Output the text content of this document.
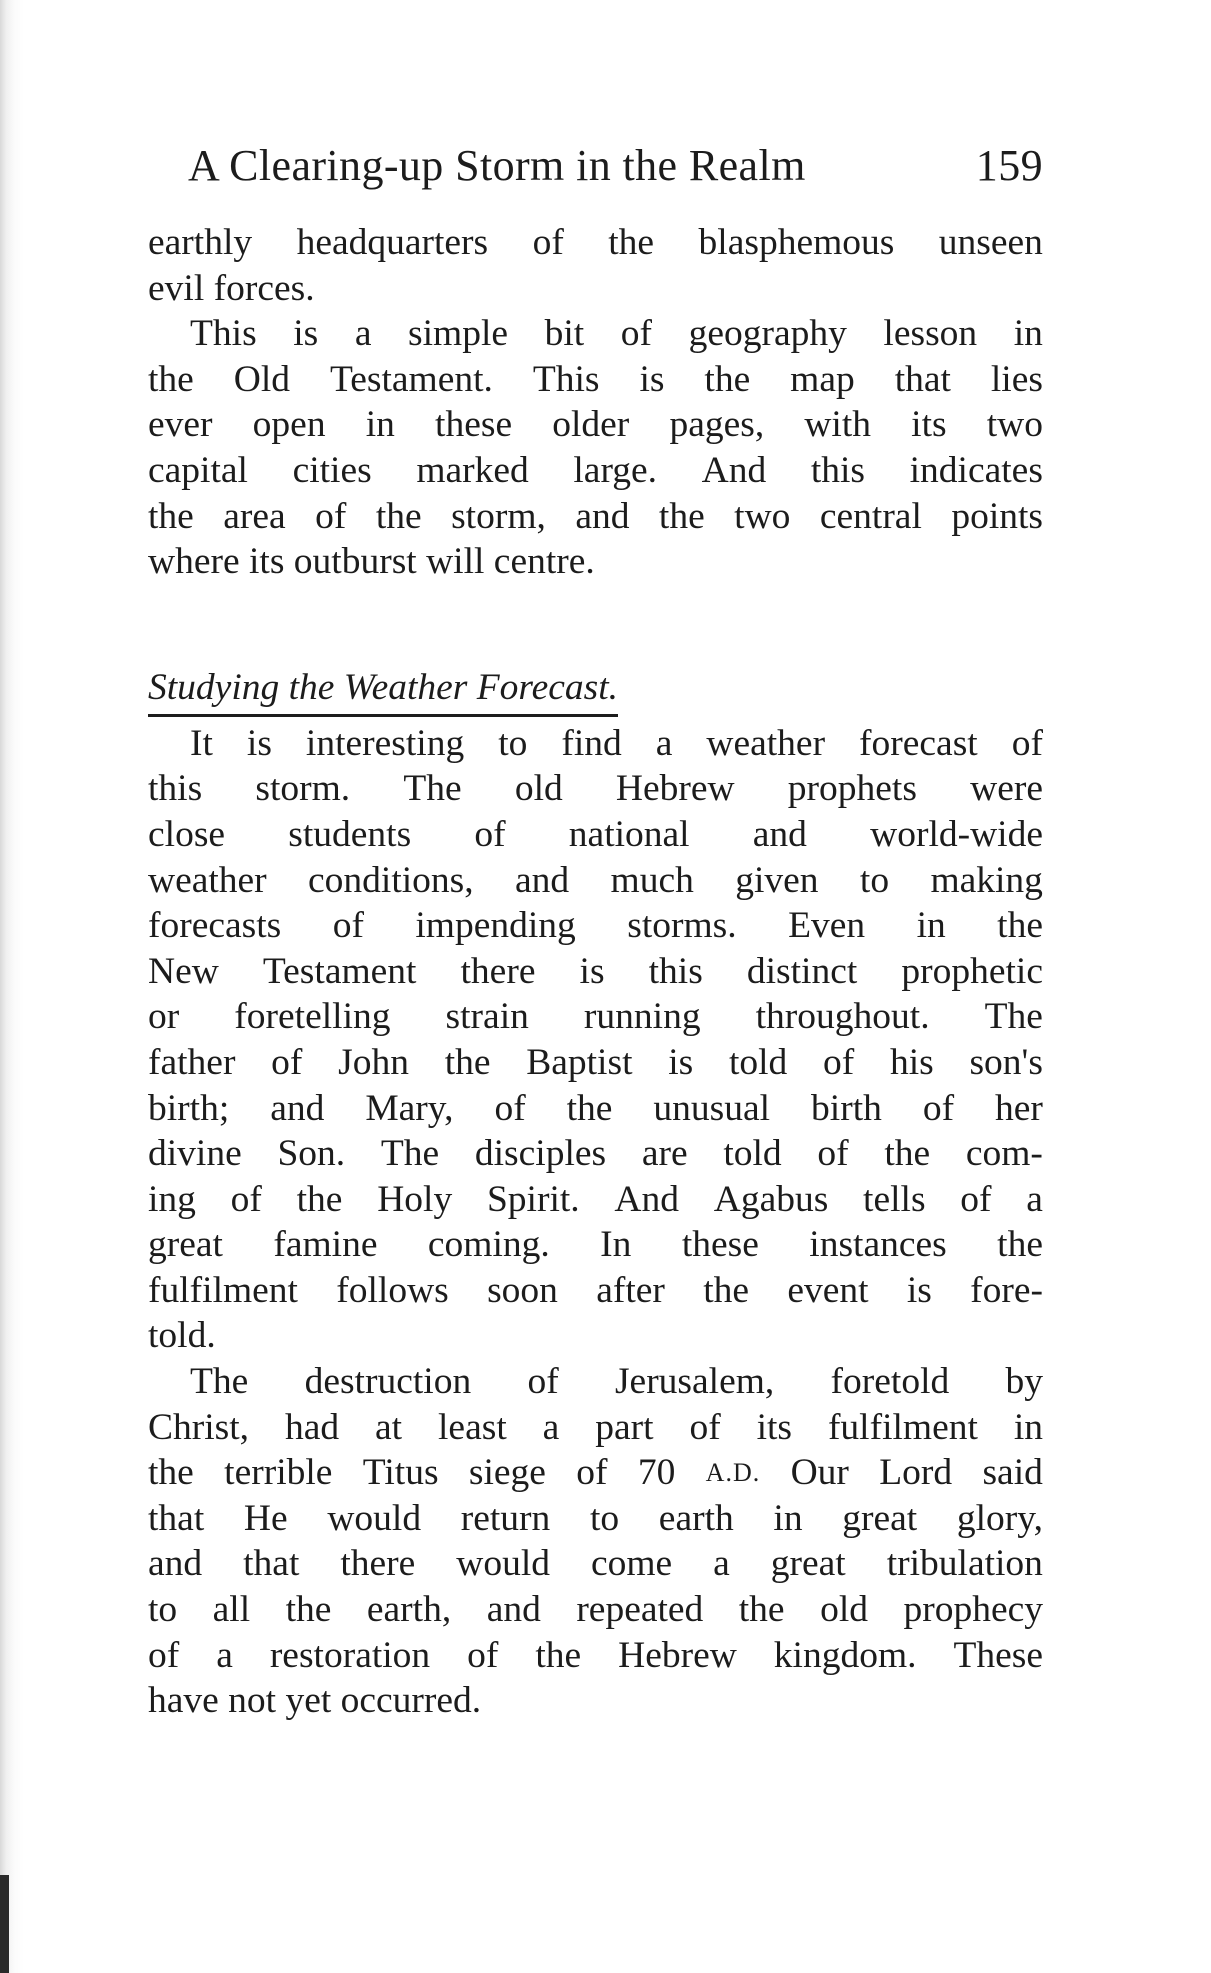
A Clearing-up Storm in the Realm	159
earthly headquarters of the blasphemous unseen
evil forces.
This is a simple bit of geography lesson in
the Old Testament. This is the map that lies
ever open in these older pages, with its two
capital cities marked large. And this indicates
the area of the storm, and the two central points
where its outburst will centre.
Studying the Weather Forecast.
It is interesting to find a weather forecast of
this storm. The old Hebrew prophets were
close students of national and world-wide
weather conditions, and much given to making
forecasts of impending storms. Even in the
New Testament there is this distinct prophetic
or foretelling strain running throughout. The
father of John the Baptist is told of his son's
birth; and Mary, of the unusual birth of her
divine Son. The disciples are told of the com-
ing of the Holy Spirit. And Agabus tells of a
great famine coming. In these instances the
fulfilment follows soon after the event is fore-
told.
The destruction of Jerusalem, foretold by
Christ, had at least a part of its fulfilment in
the terrible Titus siege of 70 A.D. Our Lord said
that He would return to earth in great glory,
and that there would come a great tribulation
to all the earth, and repeated the old prophecy
of a restoration of the Hebrew kingdom. These
have not yet occurred.
